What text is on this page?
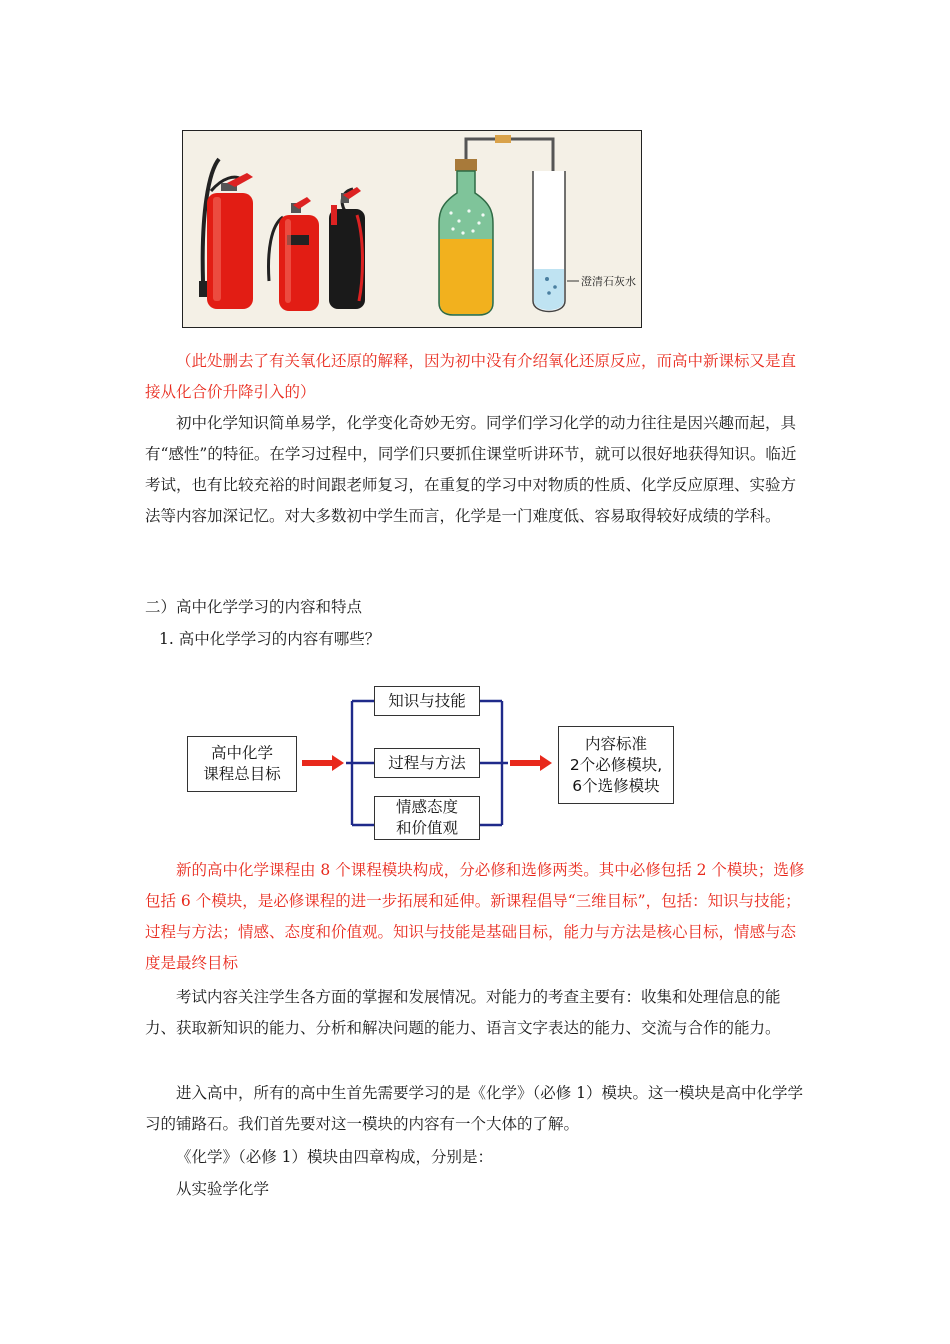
澄清石灰水

（此处删去了有关氧化还原的解释，因为初中没有介绍氧化还原反应，而高中新课标又是直接从化合价升降引入的）

初中化学知识简单易学，化学变化奇妙无穷。同学们学习化学的动力往往是因兴趣而起，具有“感性”的特征。在学习过程中，同学们只要抓住课堂听讲环节，就可以很好地获得知识。临近考试，也有比较充裕的时间跟老师复习，在重复的学习中对物质的性质、化学反应原理、实验方法等内容加深记忆。对大多数初中学生而言，化学是一门难度低、容易取得较好成绩的学科。

二）高中化学学习的内容和特点

1. 高中化学学习的内容有哪些？

高中化学
课程总目标
知识与技能
过程与方法
情感态度
和价值观
内容标准
2个必修模块,
6个选修模块

新的高中化学课程由 8 个课程模块构成，分必修和选修两类。其中必修包括 2 个模块；选修包括 6 个模块，是必修课程的进一步拓展和延伸。新课程倡导“三维目标”，包括：知识与技能；过程与方法；情感、态度和价值观。知识与技能是基础目标，能力与方法是核心目标，情感与态度是最终目标

考试内容关注学生各方面的掌握和发展情况。对能力的考查主要有：收集和处理信息的能力、获取新知识的能力、分析和解决问题的能力、语言文字表达的能力、交流与合作的能力。

进入高中，所有的高中生首先需要学习的是《化学》（必修 1）模块。这一模块是高中化学学习的铺路石。我们首先要对这一模块的内容有一个大体的了解。

《化学》（必修 1）模块由四章构成，分别是：

从实验学化学
